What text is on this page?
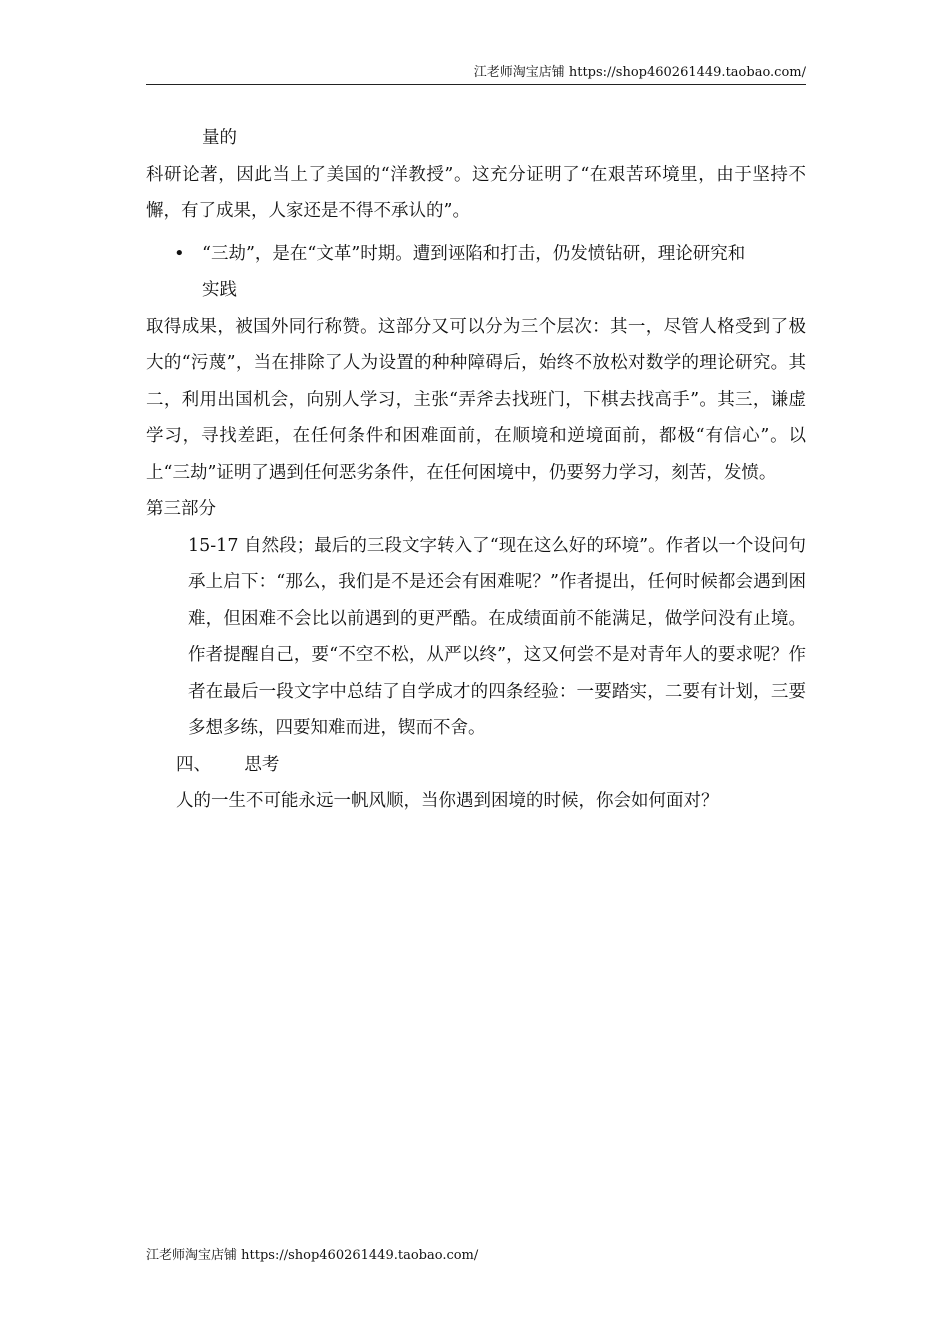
江老师淘宝店铺 https://shop460261449.taobao.com/

量的

科研论著，因此当上了美国的“洋教授”。这充分证明了“在艰苦环境里，由于坚持不懈，有了成果，人家还是不得不承认的”。

• “三劫”，是在“文革”时期。遭到诬陷和打击，仍发愤钻研，理论研究和

实践

取得成果，被国外同行称赞。这部分又可以分为三个层次：其一，尽管人格受到了极大的“污蔑”，当在排除了人为设置的种种障碍后，始终不放松对数学的理论研究。其二，利用出国机会，向别人学习，主张“弄斧去找班门，下棋去找高手”。其三，谦虚学习，寻找差距，在任何条件和困难面前，在顺境和逆境面前，都极“有信心”。以上“三劫”证明了遇到任何恶劣条件，在任何困境中，仍要努力学习，刻苦，发愤。

第三部分

15-17 自然段；最后的三段文字转入了“现在这么好的环境”。作者以一个设问句承上启下：“那么，我们是不是还会有困难呢？”作者提出，任何时候都会遇到困难，但困难不会比以前遇到的更严酷。在成绩面前不能满足，做学问没有止境。作者提醒自己，要“不空不松，从严以终”，这又何尝不是对青年人的要求呢？作者在最后一段文字中总结了自学成才的四条经验：一要踏实，二要有计划，三要多想多练，四要知难而进，锲而不舍。

四、 思考

人的一生不可能永远一帆风顺，当你遇到困境的时候，你会如何面对？

江老师淘宝店铺 https://shop460261449.taobao.com/
